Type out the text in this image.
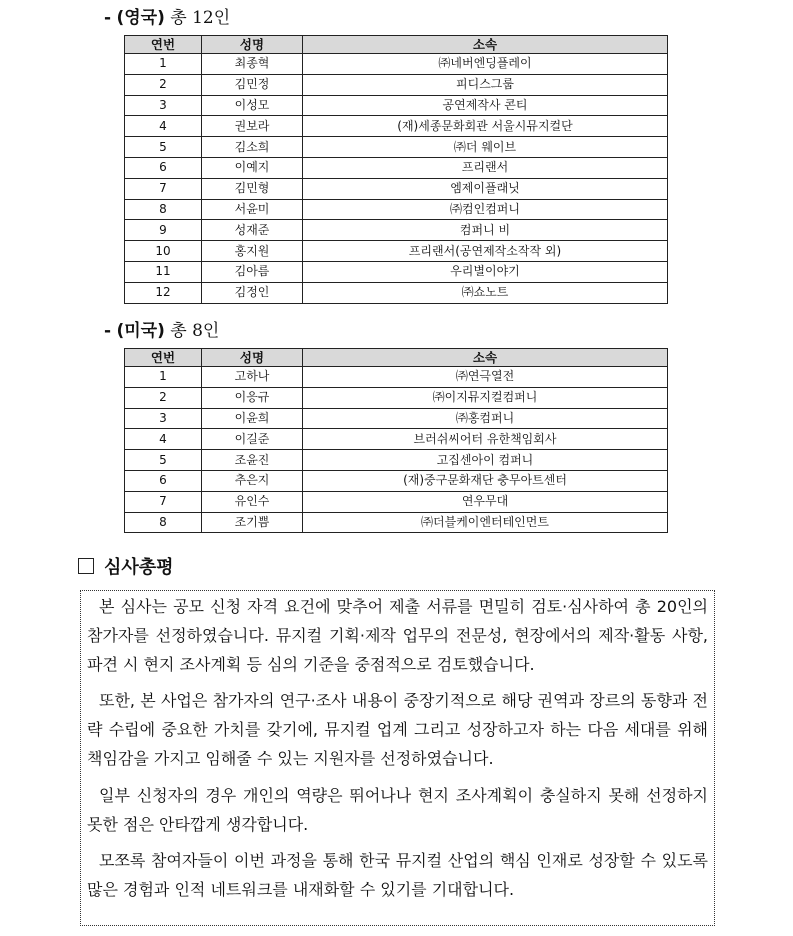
- (영국) 총 12인
연번	성명	소속
1	최종혁	㈜네버엔딩플레이
2	김민정	피디스그룹
3	이성모	공연제작사 콘티
4	권보라	(재)세종문화회관 서울시뮤지컬단
5	김소희	㈜더 웨이브
6	이예지	프리랜서
7	김민형	엠제이플래닛
8	서윤미	㈜컴인컴퍼니
9	성재준	컴퍼니 비
10	홍지원	프리랜서(공연제작소작작 외)
11	김아름	우리별이야기
12	김정인	㈜쇼노트
- (미국) 총 8인
연번	성명	소속
1	고하나	㈜연극열전
2	이응규	㈜이지뮤지컬컴퍼니
3	이윤희	㈜홍컴퍼니
4	이길준	브러쉬씨어터 유한책임회사
5	조윤진	고집센아이 컴퍼니
6	추은지	(재)중구문화재단 충무아트센터
7	유인수	연우무대
8	조기쁨	㈜더블케이엔터테인먼트
심사총평

본 심사는 공모 신청 자격 요건에 맞추어 제출 서류를 면밀히 검토·심사하여 총 20인의 참가자를 선정하였습니다. 뮤지컬 기획·제작 업무의 전문성, 현장에서의 제작·활동 사항, 파견 시 현지 조사계획 등 심의 기준을 중점적으로 검토했습니다.

또한, 본 사업은 참가자의 연구·조사 내용이 중장기적으로 해당 권역과 장르의 동향과 전략 수립에 중요한 가치를 갖기에, 뮤지컬 업계 그리고 성장하고자 하는 다음 세대를 위해 책임감을 가지고 임해줄 수 있는 지원자를 선정하였습니다.

일부 신청자의 경우 개인의 역량은 뛰어나나 현지 조사계획이 충실하지 못해 선정하지 못한 점은 안타깝게 생각합니다.

모쪼록 참여자들이 이번 과정을 통해 한국 뮤지컬 산업의 핵심 인재로 성장할 수 있도록 많은 경험과 인적 네트워크를 내재화할 수 있기를 기대합니다.
